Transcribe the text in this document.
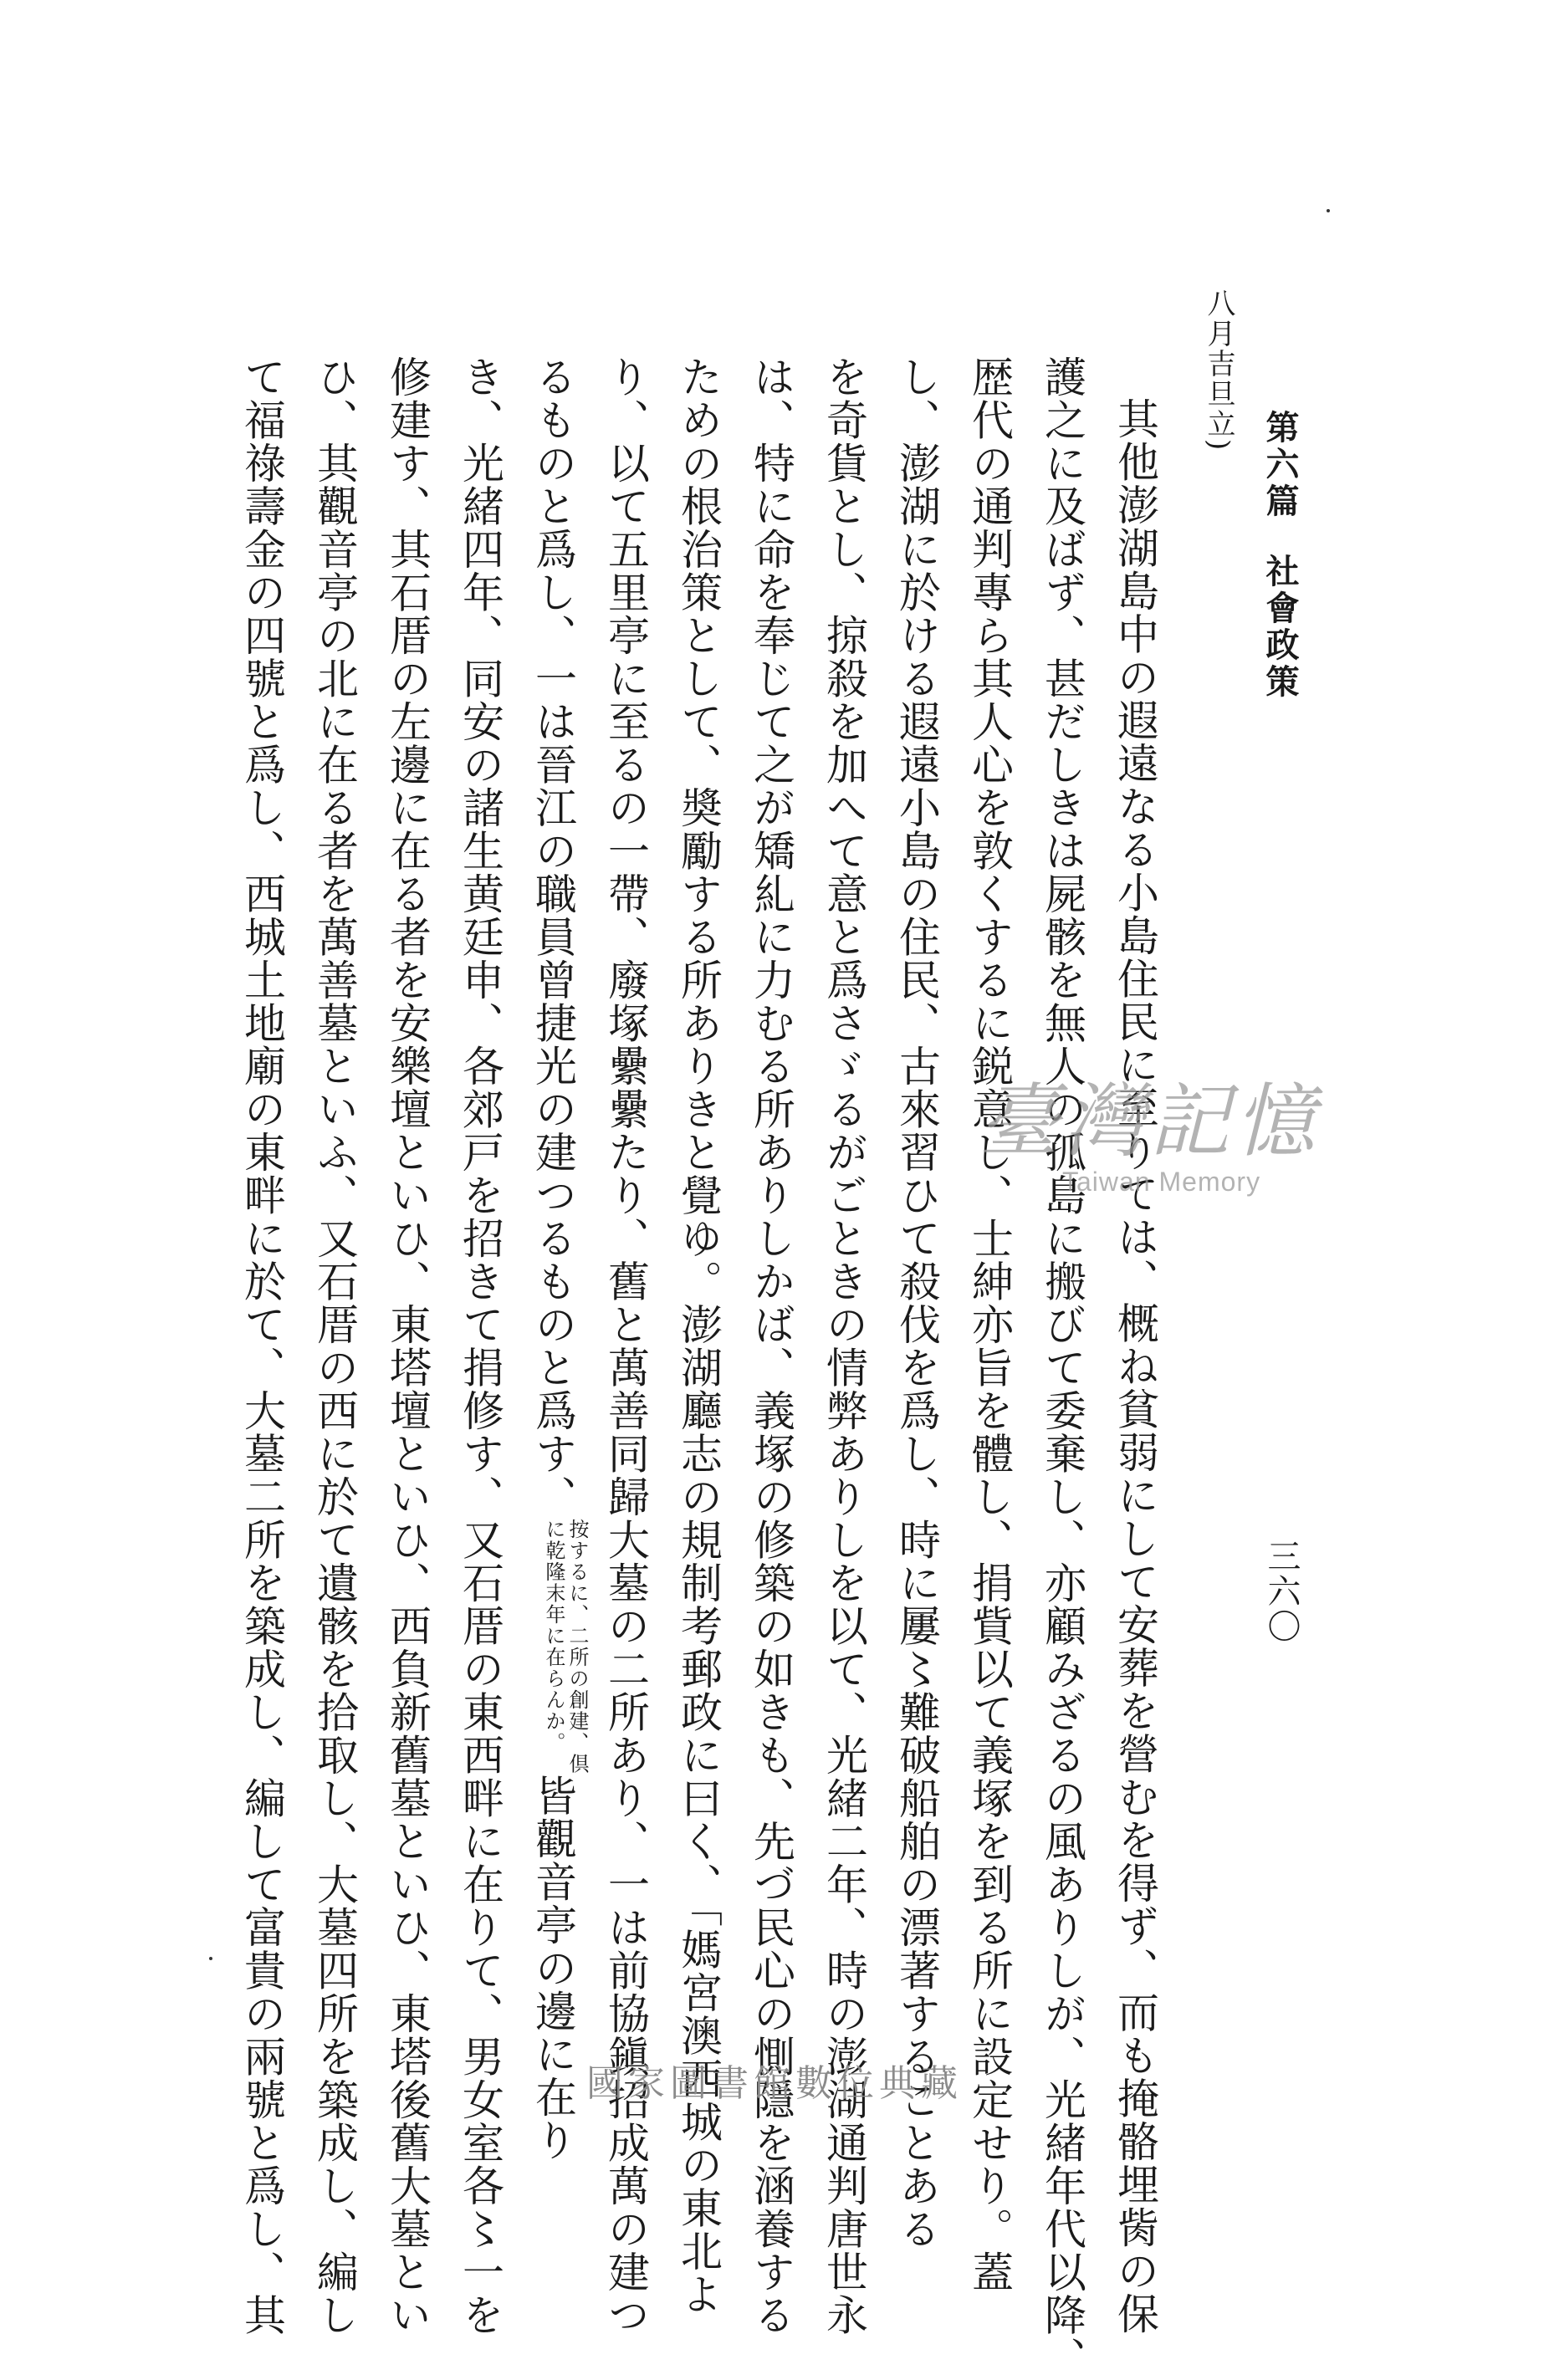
第六篇社會政策
三六〇
八月吉旦立)
其他澎湖島中の遐遠なる小島住民に至りては、概ね貧弱にして安葬を營むを得ず、而も掩骼埋胔の保
護之に及ばず、甚だしきは屍骸を無人の孤島に搬びて委棄し、亦顧みざるの風ありしが、光緒年代以降、
歴代の通判專ら其人心を敦くするに鋭意し、士紳亦旨を體し、捐貲以て義塚を到る所に設定せり。蓋
し、澎湖に於ける遐遠小島の住民、古來習ひて殺伐を爲し、時に屢〻難破船舶の漂著することある
を奇貨とし、掠殺を加へて意と爲さゞるがごときの情弊ありしを以て、光緒二年、時の澎湖通判唐世永
は、特に命を奉じて之が矯糺に力むる所ありしかば、義塚の修築の如きも、先づ民心の惻隱を涵養する
ための根治策として、奬勵する所ありきと覺ゆ。澎湖廳志の規制考郵政に曰く、「媽宮澳西城の東北よ
り、以て五里亭に至るの一帶、廢塚纍纍たり、舊と萬善同歸大墓の二所あり、一は前協鎭招成萬の建つ
るものと爲し、一は晉江の職員曾捷光の建つるものと爲す、按するに、二所の創建、倶
に乾隆末年に在らんか。皆觀音亭の邊に在り
き、光緒四年、同安の諸生黄廷申、各郊戸を招きて捐修す、又石厝の東西畔に在りて、男女室各〻一を
修建す、其石厝の左邊に在る者を安樂壇といひ、東塔壇といひ、西負新舊墓といひ、東塔後舊大墓とい
ひ、其觀音亭の北に在る者を萬善墓といふ、又石厝の西に於て遺骸を拾取し、大墓四所を築成し、編し
て福祿壽金の四號と爲し、西城土地廟の東畔に於て、大墓二所を築成し、編して富貴の兩號と爲し、其	臺灣記憶
Taiwan Memory
國家圖書館數位典藏
